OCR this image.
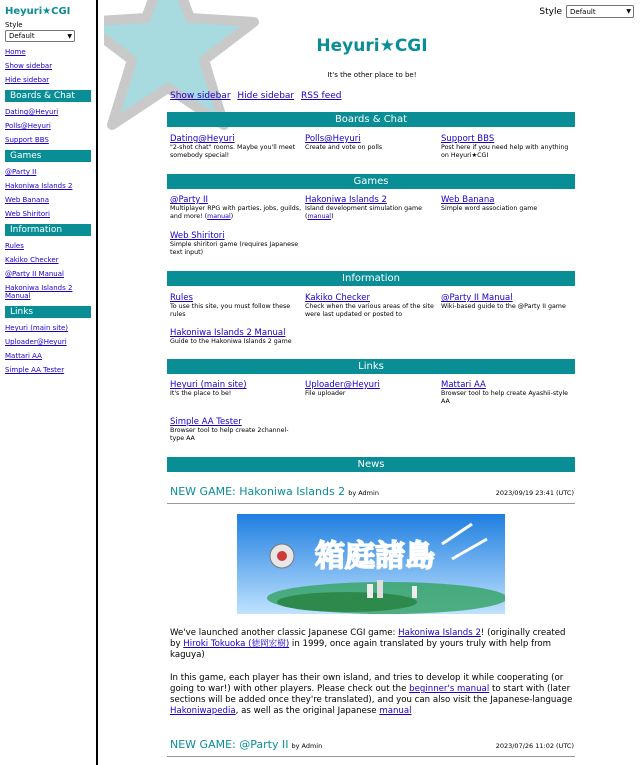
Heyuri★CGI
Style
Default	▼
Home
Show sidebar
Hide sidebar
Boards & Chat
Dating@Heyuri
Polls@Heyuri
Support BBS
Games
@Party II
Hakoniwa Islands 2
Web Banana
Web Shiritori
Information
Rules
Kakiko Checker
@Party II Manual
Hakoniwa Islands 2 Manual
Links
Heyuri (main site)
Uploader@Heyuri
Mattari AA
Simple AA Tester
Style Default	▼
Heyuri★CGI
It's the other place to be!
Show sidebar Hide sidebar RSS feed
Boards & Chat
Dating@Heyuri
"2-shot chat" rooms. Maybe you'll meet somebody special!
Polls@Heyuri
Create and vote on polls
Support BBS
Post here if you need help with anything on Heyuri★CGI
Games
@Party II
Multiplayer RPG with parties, jobs, guilds, and more! (manual)
Hakoniwa Islands 2
Island development simulation game (manual)
Web Banana
Simple word association game
Web Shiritori
Simple shiritori game (requires Japanese text input)
Information
Rules
To use this site, you must follow these rules
Kakiko Checker
Check when the various areas of the site were last updated or posted to
@Party II Manual
Wiki-based guide to the @Party II game
Hakoniwa Islands 2 Manual
Guide to the Hakoniwa Islands 2 game
Links
Heyuri (main site)
It's the place to be!
Uploader@Heyuri
File uploader
Mattari AA
Browser tool to help create Ayashii-style AA
Simple AA Tester
Browser tool to help create 2channel-type AA
News
NEW GAME: Hakoniwa Islands 2 by Admin	2023/09/19 23:41 (UTC)
箱庭諸島
We've launched another classic Japanese CGI game: Hakoniwa Islands 2! (originally created by Hiroki Tokuoka (徳岡宏樹) in 1999, once again translated by yours truly with help from kaguya)
In this game, each player has their own island, and tries to develop it while cooperating (or going to war!) with other players. Please check out the beginner's manual to start with (later sections will be added once they're translated), and you can also visit the Japanese-language Hakoniwapedia, as well as the original Japanese manual
NEW GAME: @Party II by Admin	2023/07/26 11:02 (UTC)
